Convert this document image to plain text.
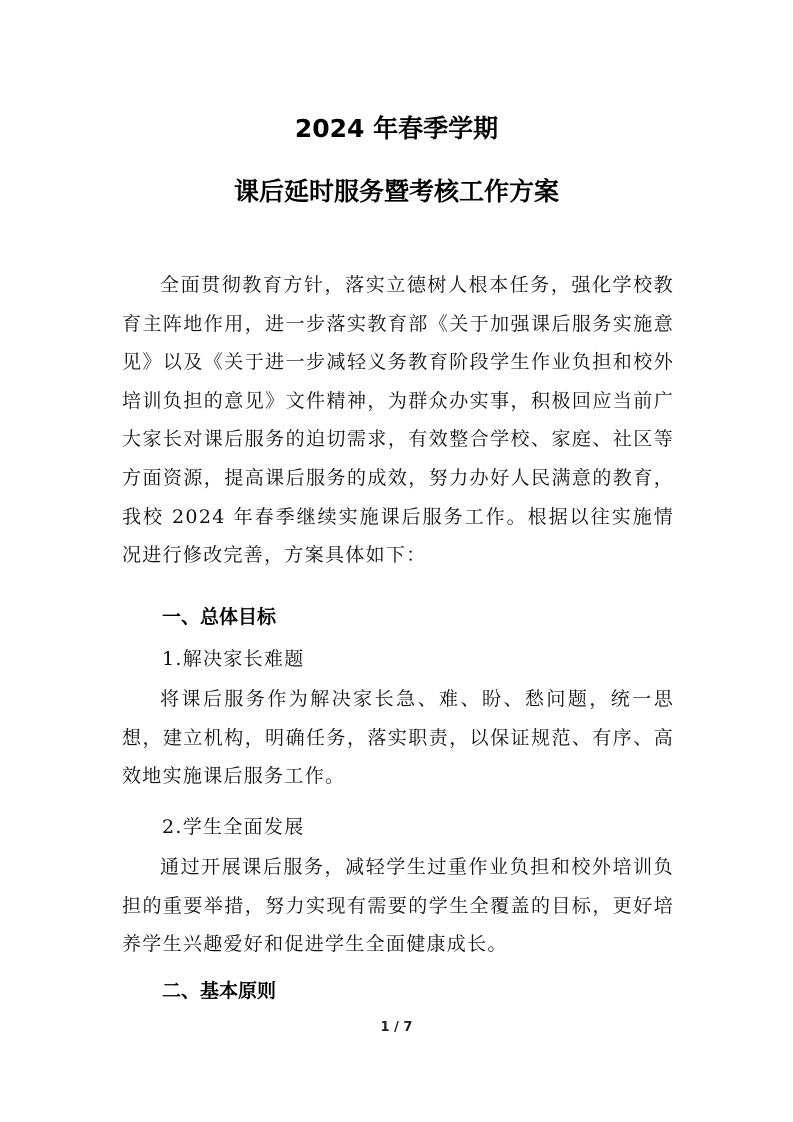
2024 年春季学期
课后延时服务暨考核工作方案

全面贯彻教育方针，落实立德树人根本任务，强化学校教育主阵地作用，进一步落实教育部《关于加强课后服务实施意见》以及《关于进一步减轻义务教育阶段学生作业负担和校外培训负担的意见》文件精神，为群众办实事，积极回应当前广大家长对课后服务的迫切需求，有效整合学校、家庭、社区等方面资源，提高课后服务的成效，努力办好人民满意的教育，我校 2024 年春季继续实施课后服务工作。根据以往实施情况进行修改完善，方案具体如下：

一、总体目标
1.解决家长难题

将课后服务作为解决家长急、难、盼、愁问题，统一思想，建立机构，明确任务，落实职责，以保证规范、有序、高效地实施课后服务工作。

2.学生全面发展

通过开展课后服务，减轻学生过重作业负担和校外培训负担的重要举措，努力实现有需要的学生全覆盖的目标，更好培养学生兴趣爱好和促进学生全面健康成长。

二、基本原则
1 / 7
